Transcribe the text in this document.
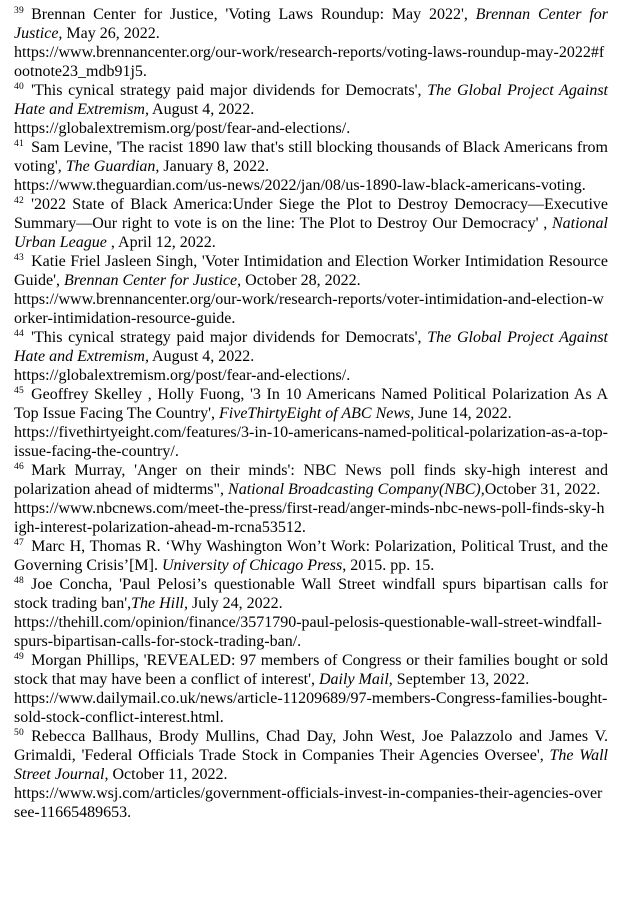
$^{39}$ Brennan Center for Justice, 'Voting Laws Roundup: May 2022', Brennan Center for Justice, May 26, 2022.

https://www.brennancenter.org/our-work/research-reports/voting-laws-roundup-may-2022#footnote23_mdb91j5.

$^{40}$ 'This cynical strategy paid major dividends for Democrats', The Global Project Against Hate and Extremism, August 4, 2022.

https://globalextremism.org/post/fear-and-elections/.

$^{41}$ Sam Levine, 'The racist 1890 law that's still blocking thousands of Black Americans from voting', The Guardian, January 8, 2022.

https://www.theguardian.com/us-news/2022/jan/08/us-1890-law-black-americans-voting.

$^{42}$ '2022 State of Black America:Under Siege the Plot to Destroy Democracy—Executive Summary—Our right to vote is on the line: The Plot to Destroy Our Democracy' , National Urban League , April 12, 2022.

$^{43}$ Katie Friel Jasleen Singh, 'Voter Intimidation and Election Worker Intimidation Resource Guide', Brennan Center for Justice, October 28, 2022.

https://www.brennancenter.org/our-work/research-reports/voter-intimidation-and-election-worker-intimidation-resource-guide.

$^{44}$ 'This cynical strategy paid major dividends for Democrats', The Global Project Against Hate and Extremism, August 4, 2022.

https://globalextremism.org/post/fear-and-elections/.

$^{45}$ Geoffrey Skelley , Holly Fuong, '3 In 10 Americans Named Political Polarization As A Top Issue Facing The Country', FiveThirtyEight of ABC News, June 14, 2022.

https://fivethirtyeight.com/features/3-in-10-americans-named-political-polarization-as-a-top-issue-facing-the-country/.

$^{46}$ Mark Murray, 'Anger on their minds': NBC News poll finds sky-high interest and polarization ahead of midterms", National Broadcasting Company(NBC),October 31, 2022.

https://www.nbcnews.com/meet-the-press/first-read/anger-minds-nbc-news-poll-finds-sky-high-interest-polarization-ahead-m-rcna53512.

$^{47}$ Marc H, Thomas R. ‘Why Washington Won’t Work: Polarization, Political Trust, and the Governing Crisis’[M]. University of Chicago Press, 2015. pp. 15.

$^{48}$ Joe Concha, 'Paul Pelosi’s questionable Wall Street windfall spurs bipartisan calls for stock trading ban',The Hill, July 24, 2022.

https://thehill.com/opinion/finance/3571790-paul-pelosis-questionable-wall-street-windfall-spurs-bipartisan-calls-for-stock-trading-ban/.

$^{49}$ Morgan Phillips, 'REVEALED: 97 members of Congress or their families bought or sold stock that may have been a conflict of interest', Daily Mail, September 13, 2022.

https://www.dailymail.co.uk/news/article-11209689/97-members-Congress-families-bought-sold-stock-conflict-interest.html.

$^{50}$ Rebecca Ballhaus, Brody Mullins, Chad Day, John West, Joe Palazzolo and James V. Grimaldi, 'Federal Officials Trade Stock in Companies Their Agencies Oversee', The Wall Street Journal, October 11, 2022.

https://www.wsj.com/articles/government-officials-invest-in-companies-their-agencies-oversee-11665489653.
